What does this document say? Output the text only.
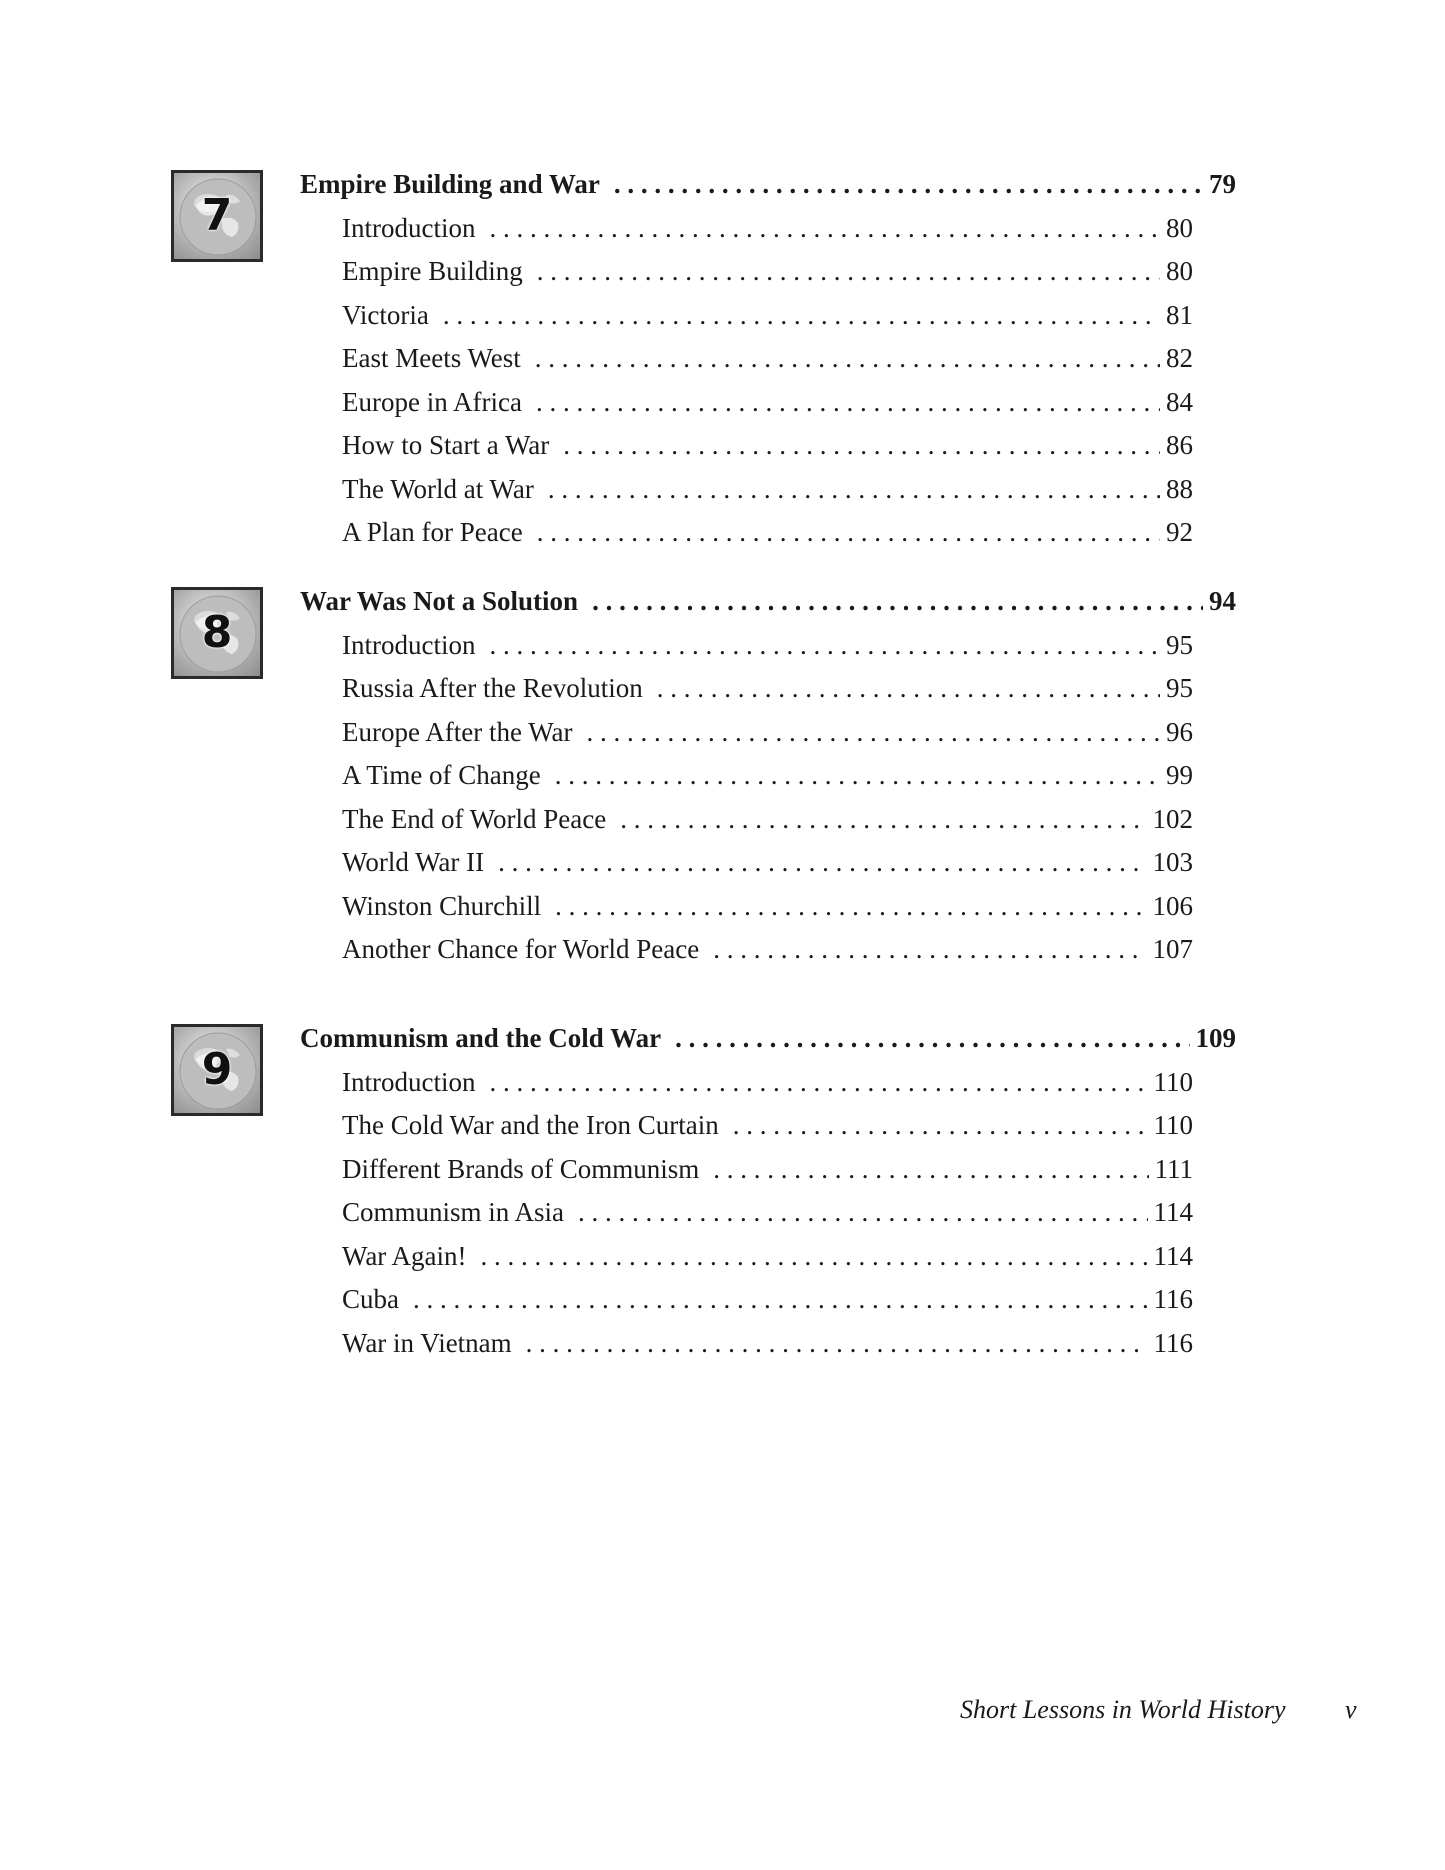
7
Empire Building and War . . .	79
Introduction . . .	80
Empire Building . . .	80
Victoria . . .	81
East Meets West . . .	82
Europe in Africa . . .	84
How to Start a War . . .	86
The World at War . . .	88
A Plan for Peace . . .	92
8
War Was Not a Solution . . .	94
Introduction . . .	95
Russia After the Revolution . . .	95
Europe After the War . . .	96
A Time of Change . . .	99
The End of World Peace . . .	102
World War II . . .	103
Winston Churchill . . .	106
Another Chance for World Peace . . .	107
9
Communism and the Cold War . . .	109
Introduction . . .	110
The Cold War and the Iron Curtain . . .	110
Different Brands of Communism . . .	111
Communism in Asia . . .	114
War Again! . . .	114
Cuba . . .	116
War in Vietnam . . .	116
Short Lessons in World History v
